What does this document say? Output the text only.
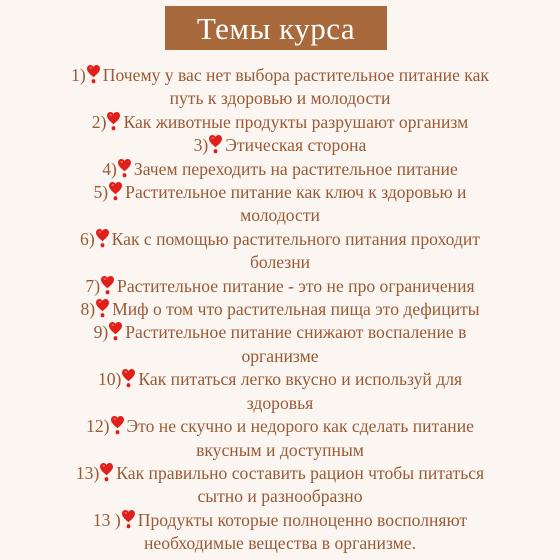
Темы курса
1) Почему у вас нет выбора растительное питание как
путь к здоровью и молодости
2) Как животные продукты разрушают организм
3) Этическая сторона
4) Зачем переходить на растительное питание
5) Растительное питание как ключ к здоровью и
молодости
6) Как с помощью растительного питания проходит
болезни
7) Растительное питание - это не про ограничения
8) Миф о том что растительная пища это дефициты
9) Растительное питание снижают воспаление в
организме
10) Как питаться легко вкусно и используй для
здоровья
12) Это не скучно и недорого как сделать питание
вкусным и доступным
13) Как правильно составить рацион чтобы питаться
сытно и разнообразно
13 ) Продукты которые полноценно восполняют
необходимые вещества в организме.
